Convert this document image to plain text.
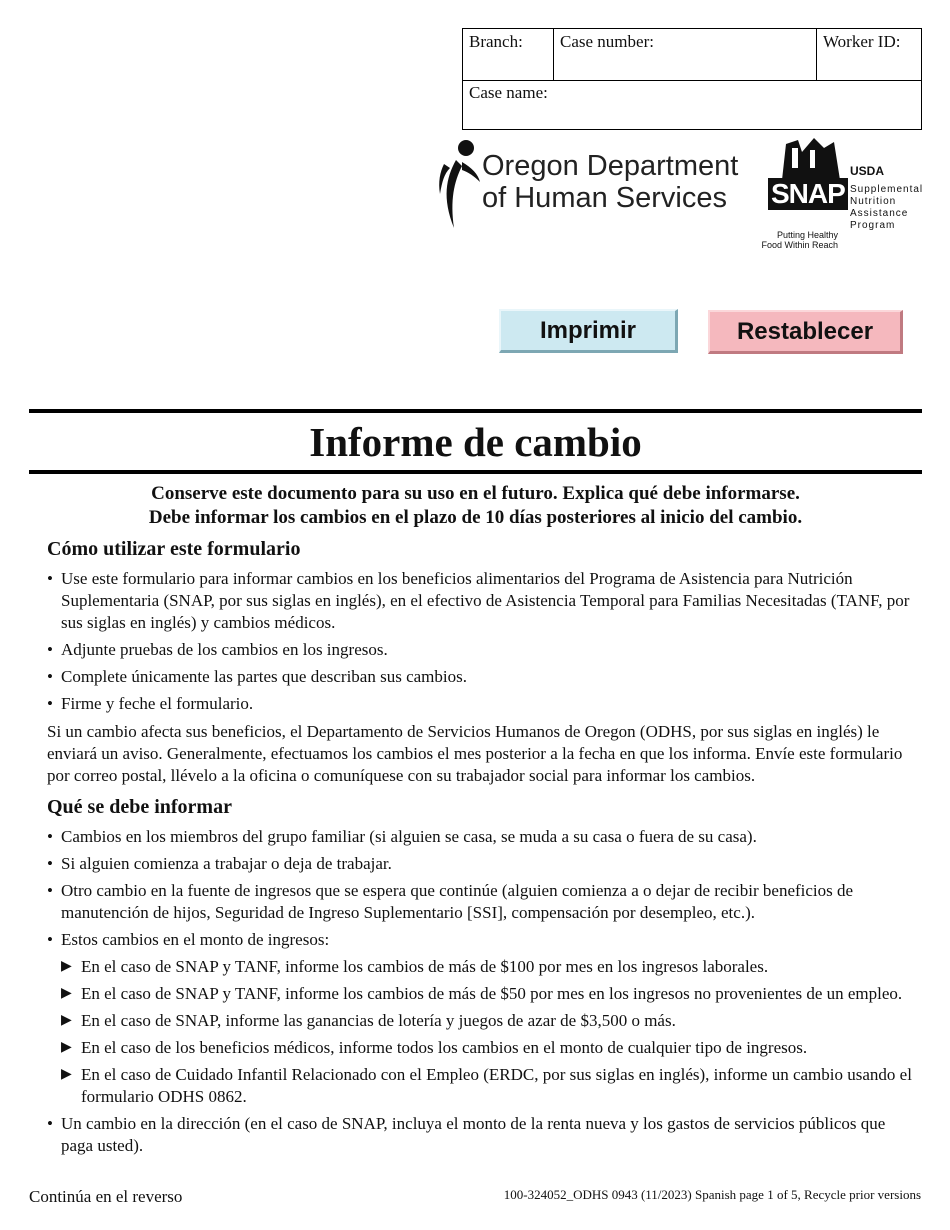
Branch:	Case number:	Worker ID:
Case name:
Oregon Department
of Human Services	SNAP
USDA
Supplemental
Nutrition
Assistance
Program
Putting Healthy Food Within Reach
Imprimir	Restablecer
Informe de cambio
Conserve este documento para su uso en el futuro. Explica qué debe informarse.
Debe informar los cambios en el plazo de 10 días posteriores al inicio del cambio.
Cómo utilizar este formulario
• Use este formulario para informar cambios en los beneficios alimentarios del Programa de Asistencia para Nutrición Suplementaria (SNAP, por sus siglas en inglés), en el efectivo de Asistencia Temporal para Familias Necesitadas (TANF, por sus siglas en inglés) y cambios médicos.
• Adjunte pruebas de los cambios en los ingresos.
• Complete únicamente las partes que describan sus cambios.
• Firme y feche el formulario.
Si un cambio afecta sus beneficios, el Departamento de Servicios Humanos de Oregon (ODHS, por sus siglas en inglés) le enviará un aviso. Generalmente, efectuamos los cambios el mes posterior a la fecha en que los informa. Envíe este formulario por correo postal, llévelo a la oficina o comuníquese con su trabajador social para informar los cambios.
Qué se debe informar
• Cambios en los miembros del grupo familiar (si alguien se casa, se muda a su casa o fuera de su casa).
• Si alguien comienza a trabajar o deja de trabajar.
• Otro cambio en la fuente de ingresos que se espera que continúe (alguien comienza a o dejar de recibir beneficios de manutención de hijos, Seguridad de Ingreso Suplementario [SSI], compensación por desempleo, etc.).
• Estos cambios en el monto de ingresos:
▶ En el caso de SNAP y TANF, informe los cambios de más de $100 por mes en los ingresos laborales.
▶ En el caso de SNAP y TANF, informe los cambios de más de $50 por mes en los ingresos no provenientes de un empleo.
▶ En el caso de SNAP, informe las ganancias de lotería y juegos de azar de $3,500 o más.
▶ En el caso de los beneficios médicos, informe todos los cambios en el monto de cualquier tipo de ingresos.
▶ En el caso de Cuidado Infantil Relacionado con el Empleo (ERDC, por sus siglas en inglés), informe un cambio usando el formulario ODHS 0862.
• Un cambio en la dirección (en el caso de SNAP, incluya el monto de la renta nueva y los gastos de servicios públicos que paga usted).
Continúa en el reverso	100-324052_ODHS 0943 (11/2023) Spanish page 1 of 5, Recycle prior versions
